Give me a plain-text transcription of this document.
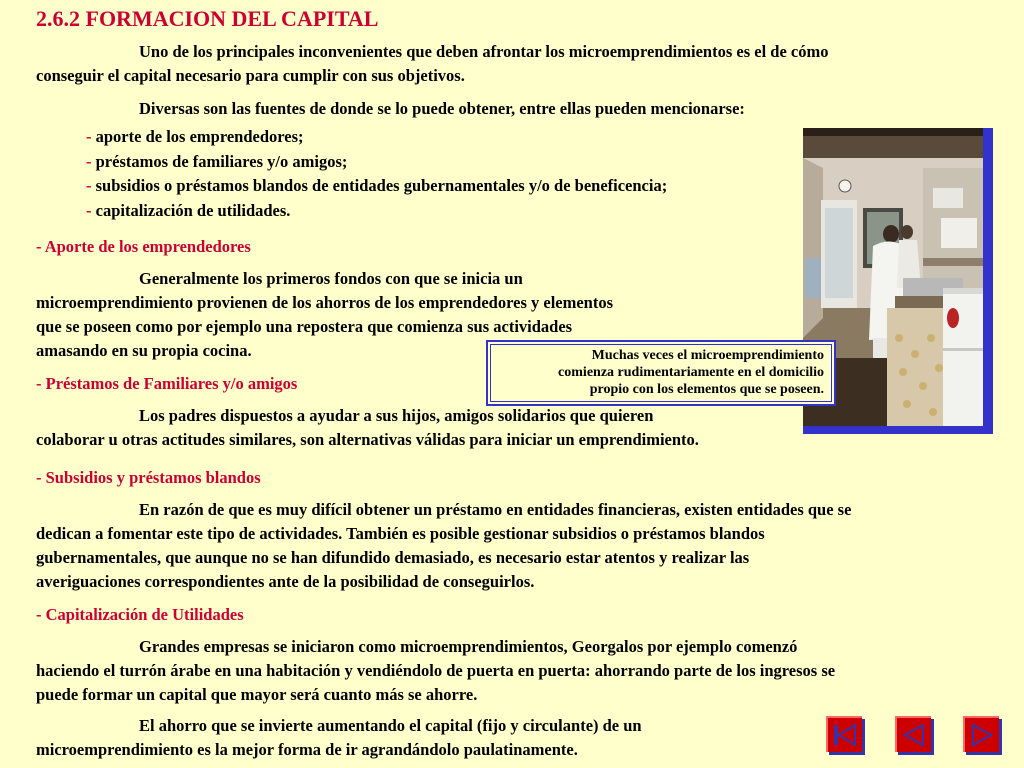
2.6.2 FORMACION DEL CAPITAL
Uno de los principales inconvenientes que deben afrontar los microemprendimientos es el de cómo
conseguir el capital necesario para cumplir con sus objetivos.
Diversas son las fuentes de donde se lo puede obtener, entre ellas pueden mencionarse:
- aporte de los emprendedores;
- préstamos de familiares y/o amigos;
- subsidios o préstamos blandos de entidades gubernamentales y/o de beneficencia;
- capitalización de utilidades.
- Aporte de los emprendedores
Generalmente los primeros fondos con que se inicia un
microemprendimiento provienen de los ahorros de los emprendedores y elementos
que se poseen como por ejemplo una repostera que comienza sus actividades
amasando en su propia cocina.
- Préstamos de Familiares y/o amigos
Los padres dispuestos a ayudar a sus hijos, amigos solidarios que quieren
colaborar u otras actitudes similares, son alternativas válidas para iniciar un emprendimiento.
- Subsidios y préstamos blandos
En razón de que es muy difícil obtener un préstamo en entidades financieras, existen entidades que se
dedican a fomentar este tipo de actividades. También es posible gestionar subsidios o préstamos blandos
gubernamentales, que aunque no se han difundido demasiado, es necesario estar atentos y realizar las
averiguaciones correspondientes ante de la posibilidad de conseguirlos.
- Capitalización de Utilidades
Grandes empresas se iniciaron como microemprendimientos, Georgalos por ejemplo comenzó
haciendo el turrón árabe en una habitación y vendiéndolo de puerta en puerta: ahorrando parte de los ingresos se
puede formar un capital que mayor será cuanto más se ahorre.
El ahorro que se invierte aumentando el capital (fijo y circulante) de un
microemprendimiento es la mejor forma de ir agrandándolo paulatinamente.
Muchas veces el microemprendimiento
comienza rudimentariamente en el domicilio
propio con los elementos que se poseen.
